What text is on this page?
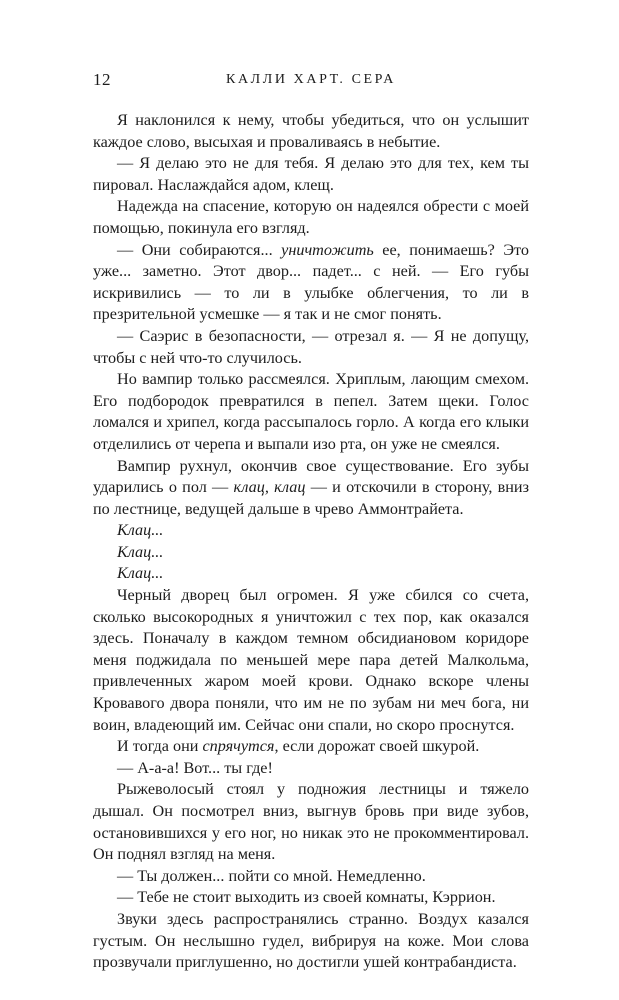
12	КАЛЛИ ХАРТ. СЕРА

Я наклонился к нему, чтобы убедиться, что он услышит каждое слово, высыхая и проваливаясь в небытие.

— Я делаю это не для тебя. Я делаю это для тех, кем ты пировал. Наслаждайся адом, клещ.

Надежда на спасение, которую он надеялся обрести с моей помощью, покинула его взгляд.

— Они собираются... уничтожить ее, понимаешь? Это уже... заметно. Этот двор... падет... с ней. — Его губы искривились — то ли в улыбке облегчения, то ли в презрительной усмешке — я так и не смог понять.

— Саэрис в безопасности, — отрезал я. — Я не допущу, чтобы с ней что-то случилось.

Но вампир только рассмеялся. Хриплым, лающим смехом. Его подбородок превратился в пепел. Затем щеки. Голос ломался и хрипел, когда рассыпалось горло. А когда его клыки отделились от черепа и выпали изо рта, он уже не смеялся.

Вампир рухнул, окончив свое существование. Его зубы ударились о пол — клац, клац — и отскочили в сторону, вниз по лестнице, ведущей дальше в чрево Аммонтрайета.

Клац...

Клац...

Клац...

Черный дворец был огромен. Я уже сбился со счета, сколько высокородных я уничтожил с тех пор, как оказался здесь. Поначалу в каждом темном обсидиановом коридоре меня поджидала по меньшей мере пара детей Малкольма, привлеченных жаром моей крови. Однако вскоре члены Кровавого двора поняли, что им не по зубам ни меч бога, ни воин, владеющий им. Сейчас они спали, но скоро проснутся.

И тогда они спрячутся, если дорожат своей шкурой.

— А-а-а! Вот... ты где!

Рыжеволосый стоял у подножия лестницы и тяжело дышал. Он посмотрел вниз, выгнув бровь при виде зубов, остановившихся у его ног, но никак это не прокомментировал. Он поднял взгляд на меня.

— Ты должен... пойти со мной. Немедленно.

— Тебе не стоит выходить из своей комнаты, Кэррион.

Звуки здесь распространялись странно. Воздух казался густым. Он неслышно гудел, вибрируя на коже. Мои слова прозвучали приглушенно, но достигли ушей контрабандиста.
